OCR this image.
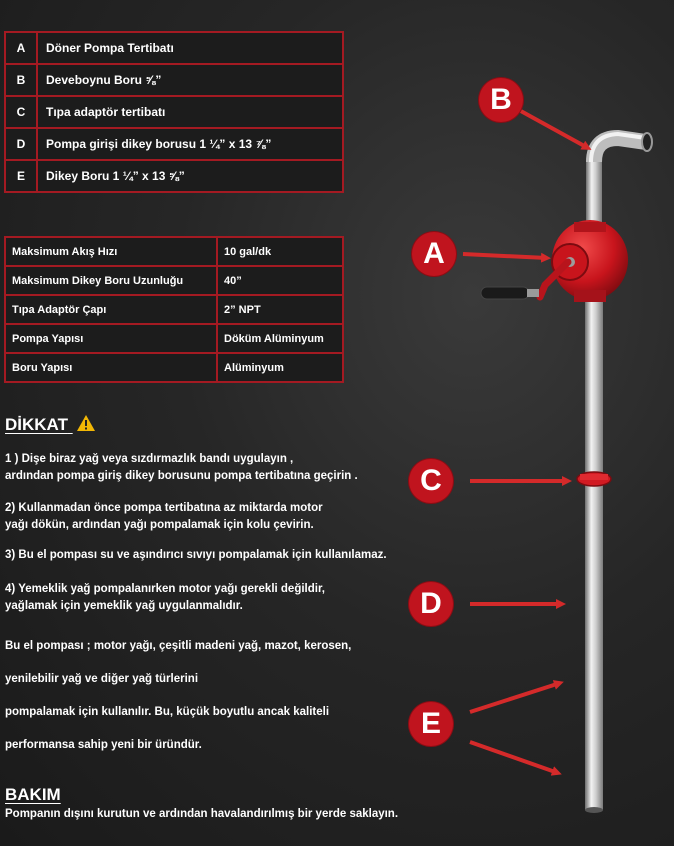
A	Döner Pompa Tertibatı
B	Deveboynu Boru ⅝”
C	Tıpa adaptör tertibatı
D	Pompa girişi dikey borusu 1 ¼” x 13 ⅞”
E	Dikey Boru 1 ¼” x 13 ⅝”
Maksimum Akış Hızı	10 gal/dk
Maksimum Dikey Boru Uzunluğu	40”
Tıpa Adaptör Çapı	2” NPT
Pompa Yapısı	Döküm Alüminyum
Boru Yapısı	Alüminyum
DİKKAT
1 ) Dişe biraz yağ veya sızdırmazlık bandı uygulayın ,
ardından pompa giriş dikey borusunu pompa tertibatına geçirin .
2) Kullanmadan önce pompa tertibatına az miktarda motor
yağı dökün, ardından yağı pompalamak için kolu çevirin.
3) Bu el pompası su ve aşındırıcı sıvıyı pompalamak için kullanılamaz.
4) Yemeklik yağ pompalanırken motor yağı gerekli değildir,
yağlamak için yemeklik yağ uygulanmalıdır.
Bu el pompası ; motor yağı, çeşitli madeni yağ, mazot, kerosen,
yenilebilir yağ ve diğer yağ türlerini
pompalamak için kullanılır. Bu, küçük boyutlu ancak kaliteli
performansa sahip yeni bir üründür.
BAKIM
Pompanın dışını kurutun ve ardından havalandırılmış bir yerde saklayın.
B
A
C
D
E
